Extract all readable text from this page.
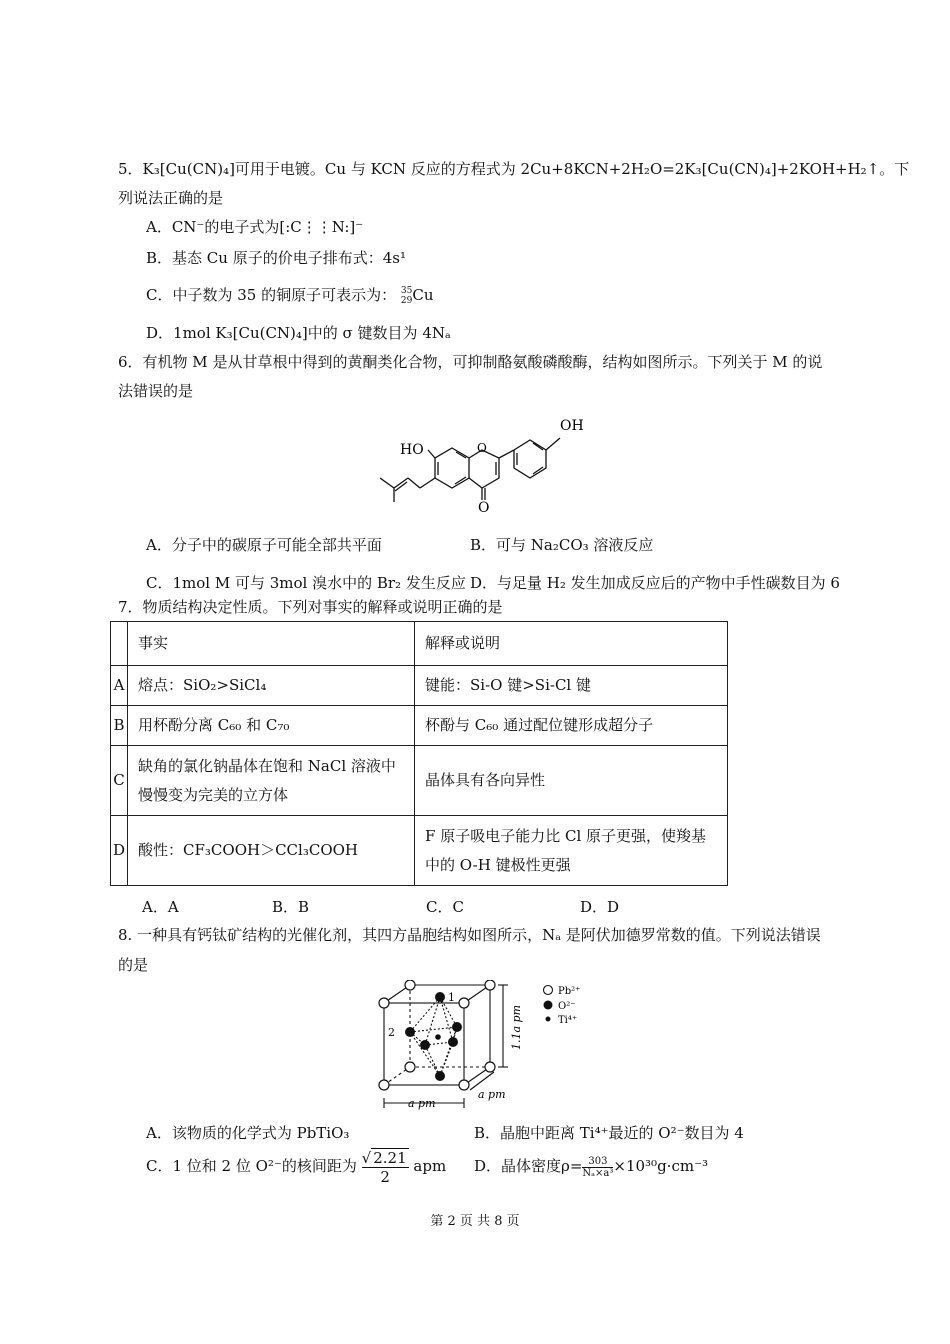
5．K₃[Cu(CN)₄]可用于电镀。Cu 与 KCN 反应的方程式为 2Cu+8KCN+2H₂O=2K₃[Cu(CN)₄]+2KOH+H₂↑。下
列说法正确的是
A．CN⁻的电子式为[:C⋮⋮N:]⁻
B．基态 Cu 原子的价电子排布式：4s¹
C．中子数为 35 的铜原子可表示为： 35
29 Cu
D．1mol K₃[Cu(CN)₄]中的 σ 键数目为 4Nₐ
6．有机物 M 是从甘草根中得到的黄酮类化合物，可抑制酪氨酸磷酸酶，结构如图所示。下列关于 M 的说
法错误的是
HO
OH
O
O
A．分子中的碳原子可能全部共平面	B．可与 Na₂CO₃ 溶液反应
C．1mol M 可与 3mol 溴水中的 Br₂ 发生反应 D．与足量 H₂ 发生加成反应后的产物中手性碳数目为 6
7．物质结构决定性质。下列对事实的解释或说明正确的是
	事实	解释或说明
A	熔点：SiO₂>SiCl₄	键能：Si-O 键>Si-Cl 键
B	用杯酚分离 C₆₀ 和 C₇₀	杯酚与 C₆₀ 通过配位键形成超分子
C	缺角的氯化钠晶体在饱和 NaCl 溶液中慢慢变为完美的立方体	晶体具有各向异性
D	酸性：CF₃COOH＞CCl₃COOH	F 原子吸电子能力比 Cl 原子更强，使羧基中的 O-H 键极性更强
A．A	B．B	C．C	D．D
8. 一种具有钙钛矿结构的光催化剂，其四方晶胞结构如图所示，Nₐ 是阿伏加德罗常数的值。下列说法错误
的是
1
2
a pm
a pm
1.1a pm
Pb²⁺
O²⁻
Ti⁴⁺
A．该物质的化学式为 PbTiO₃	B．晶胞中距离 Ti⁴⁺最近的 O²⁻数目为 4
C．1 位和 2 位 O²⁻的核间距为 $\frac{√ 2.21}{2}$ apm D．晶体密度$\rho= \frac{303}{\text{Nₐ×a³}} \times 10^{30}g\cdot cm^{-3}$
第 2 页 共 8 页
